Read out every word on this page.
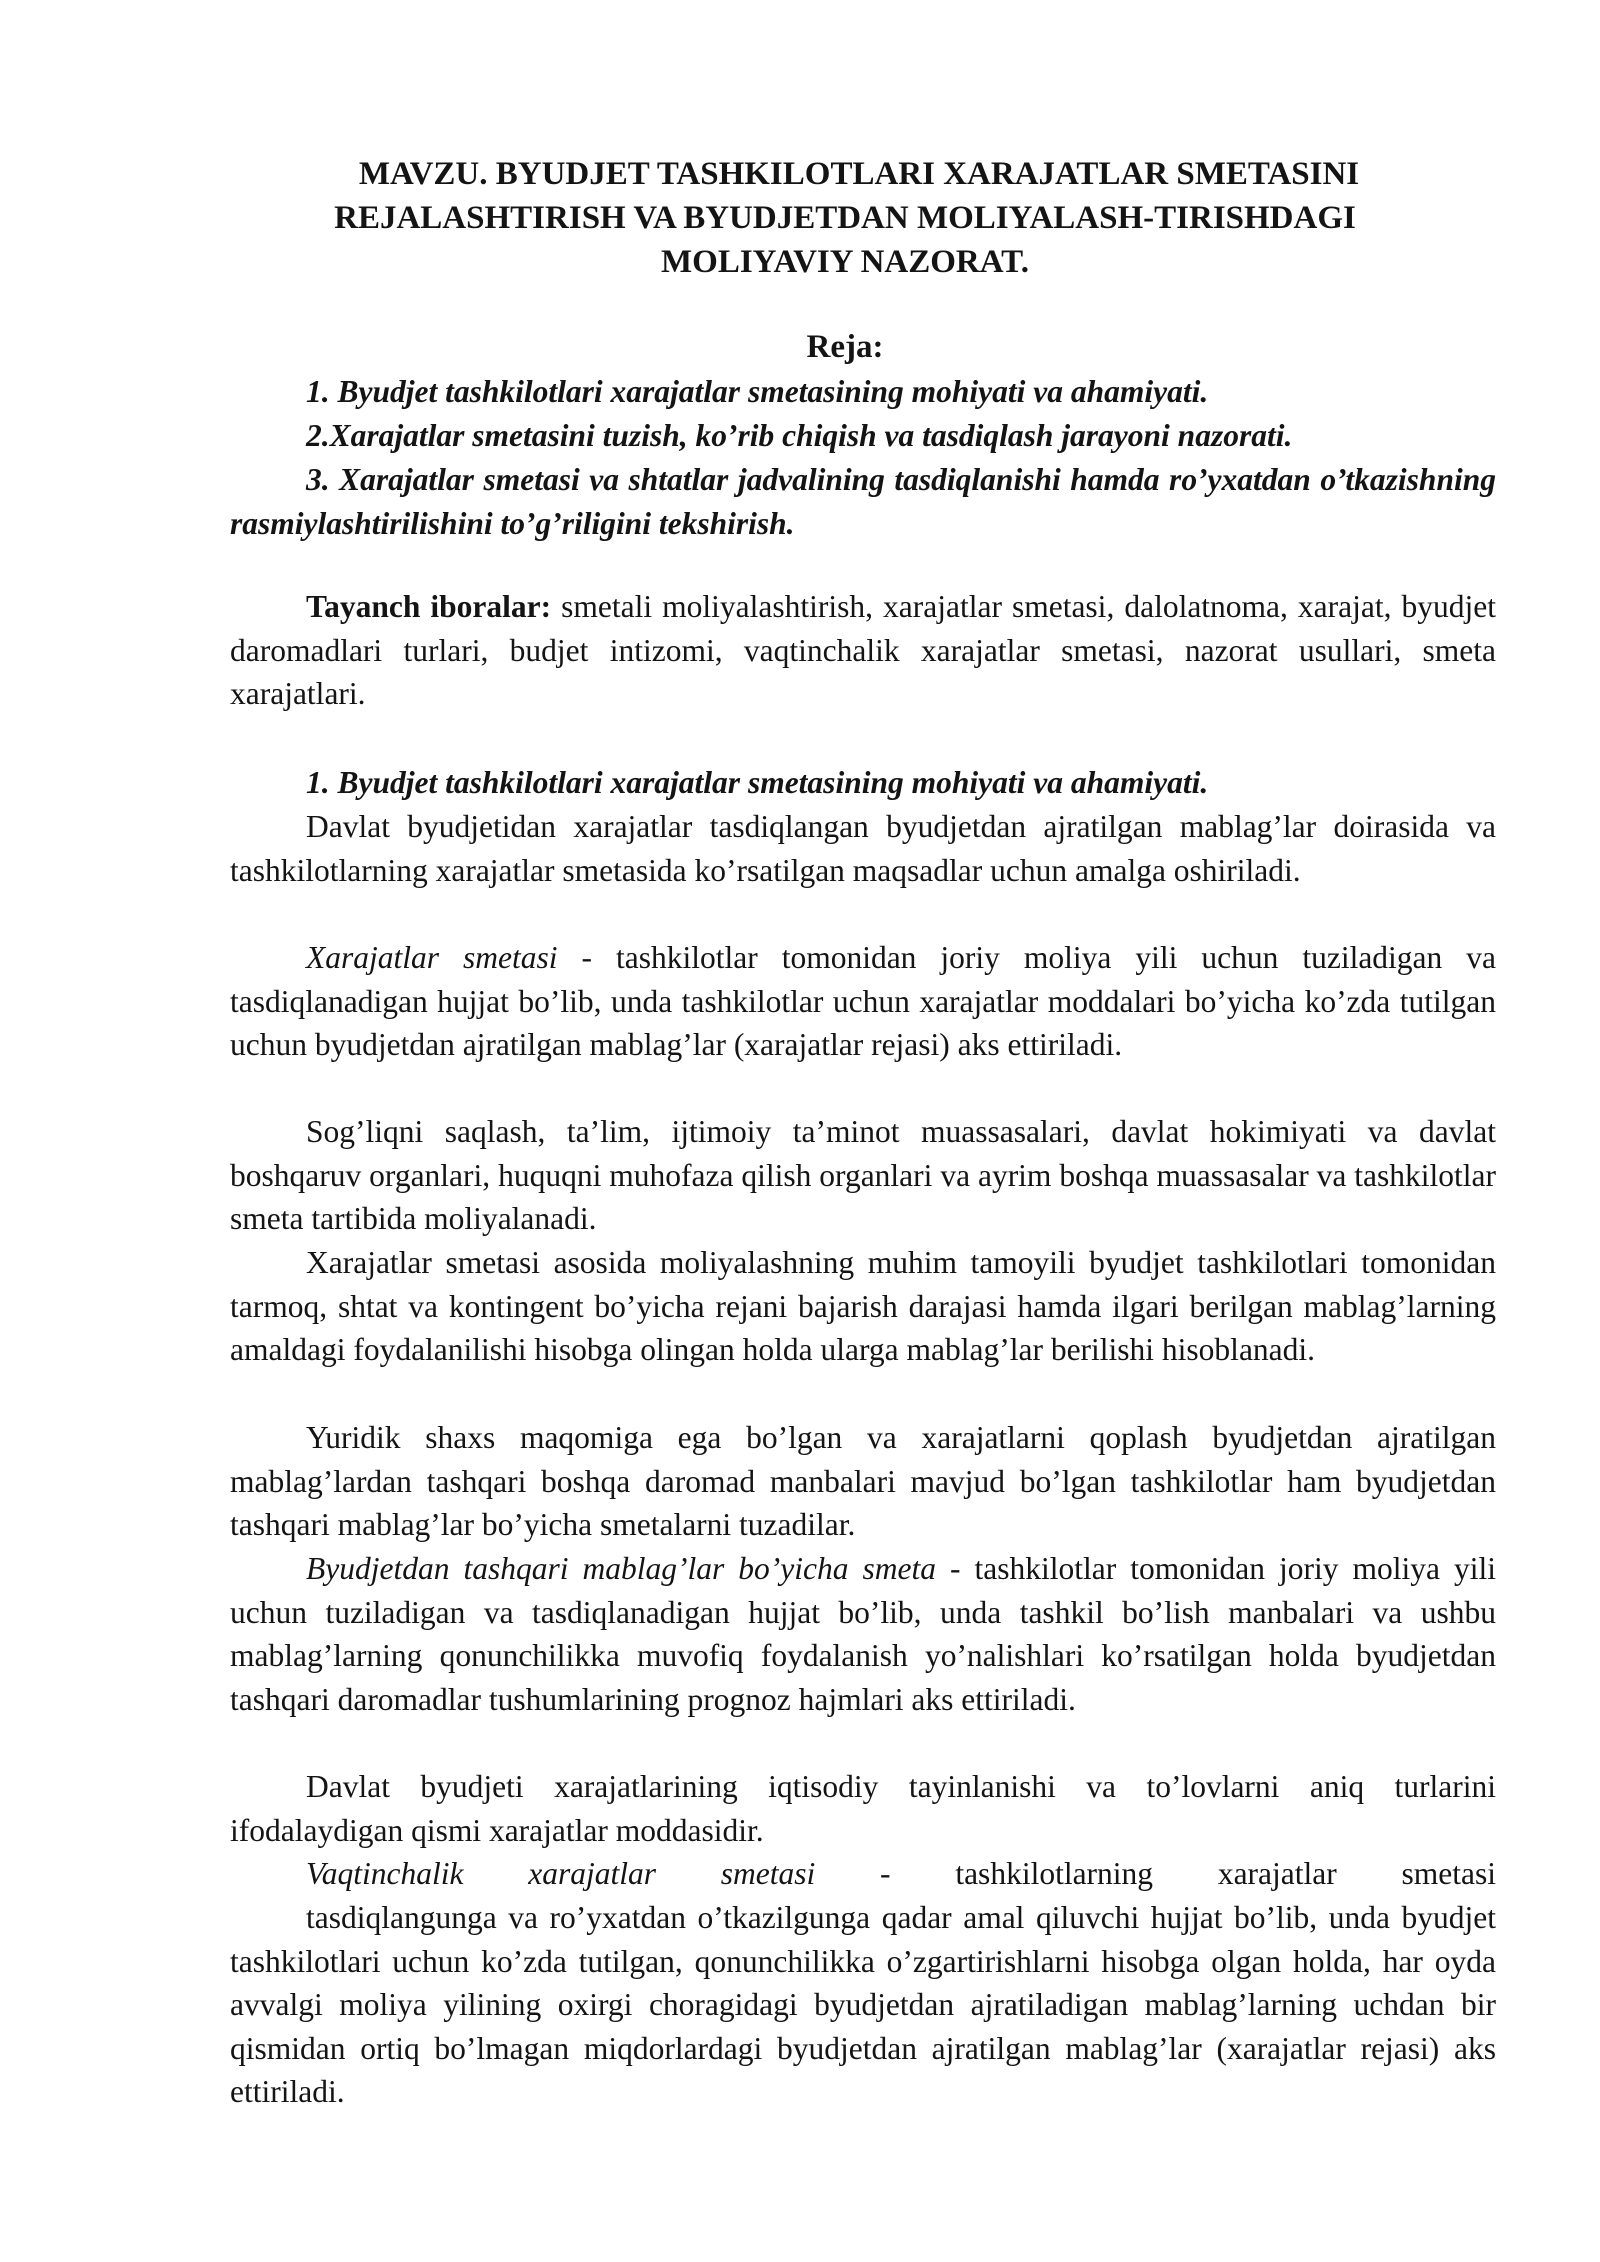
MAVZU. BYUDJET TASHKILOTLARI XARAJATLAR SMETASINI
REJALASHTIRISH VA BYUDJETDAN MOLIYALASH-TIRISHDAGI
MOLIYAVIY NAZORAT.
Reja:
1. Byudjet tashkilotlari xarajatlar smetasining mohiyati va ahamiyati.
2.Xarajatlar smetasini tuzish, ko’rib chiqish va tasdiqlash jarayoni nazorati.
3. Xarajatlar smetasi va shtatlar jadvalining tasdiqlanishi hamda ro’yxatdan o’tkazishning rasmiylashtirilishini to’g’riligini tekshirish.
Tayanch iboralar: smetali moliyalashtirish, xarajatlar smetasi, dalolatnoma, xarajat, byudjet daromadlari turlari, budjet intizomi, vaqtinchalik xarajatlar smetasi, nazorat usullari, smeta xarajatlari.
1. Byudjet tashkilotlari xarajatlar smetasining mohiyati va ahamiyati.
Davlat byudjetidan xarajatlar tasdiqlangan byudjetdan ajratilgan mablag’lar doirasida va tashkilotlarning xarajatlar smetasida ko’rsatilgan maqsadlar uchun amalga oshiriladi.
Xarajatlar smetasi - tashkilotlar tomonidan joriy moliya yili uchun tuziladigan va tasdiqlanadigan hujjat bo’lib, unda tashkilotlar uchun xarajatlar moddalari bo’yicha ko’zda tutilgan uchun byudjetdan ajratilgan mablag’lar (xarajatlar rejasi) aks ettiriladi.
Sog’liqni saqlash, ta’lim, ijtimoiy ta’minot muassasalari, davlat hokimiyati va davlat boshqaruv organlari, huquqni muhofaza qilish organlari va ayrim boshqa muassasalar va tashkilotlar smeta tartibida moliyalanadi.
Xarajatlar smetasi asosida moliyalashning muhim tamoyili byudjet tashkilotlari tomonidan tarmoq, shtat va kontingent bo’yicha rejani bajarish darajasi hamda ilgari berilgan mablag’larning amaldagi foydalanilishi hisobga olingan holda ularga mablag’lar berilishi hisoblanadi.
Yuridik shaxs maqomiga ega bo’lgan va xarajatlarni qoplash byudjetdan ajratilgan mablag’lardan tashqari boshqa daromad manbalari mavjud bo’lgan tashkilotlar ham byudjetdan tashqari mablag’lar bo’yicha smetalarni tuzadilar.
Byudjetdan tashqari mablag’lar bo’yicha smeta - tashkilotlar tomonidan joriy moliya yili uchun tuziladigan va tasdiqlanadigan hujjat bo’lib, unda tashkil bo’lish manbalari va ushbu mablag’larning qonunchilikka muvofiq foydalanish yo’nalishlari ko’rsatilgan holda byudjetdan tashqari daromadlar tushumlarining prognoz hajmlari aks ettiriladi.
Davlat byudjeti xarajatlarining iqtisodiy tayinlanishi va to’lovlarni aniq turlarini ifodalaydigan qismi xarajatlar moddasidir.
Vaqtinchalik xarajatlar smetasi - tashkilotlarning xarajatlar smetasi
tasdiqlangunga va ro’yxatdan o’tkazilgunga qadar amal qiluvchi hujjat bo’lib, unda byudjet tashkilotlari uchun ko’zda tutilgan, qonunchilikka o’zgartirishlarni hisobga olgan holda, har oyda avvalgi moliya yilining oxirgi choragidagi byudjetdan ajratiladigan mablag’larning uchdan bir qismidan ortiq bo’lmagan miqdorlardagi byudjetdan ajratilgan mablag’lar (xarajatlar rejasi) aks ettiriladi.
